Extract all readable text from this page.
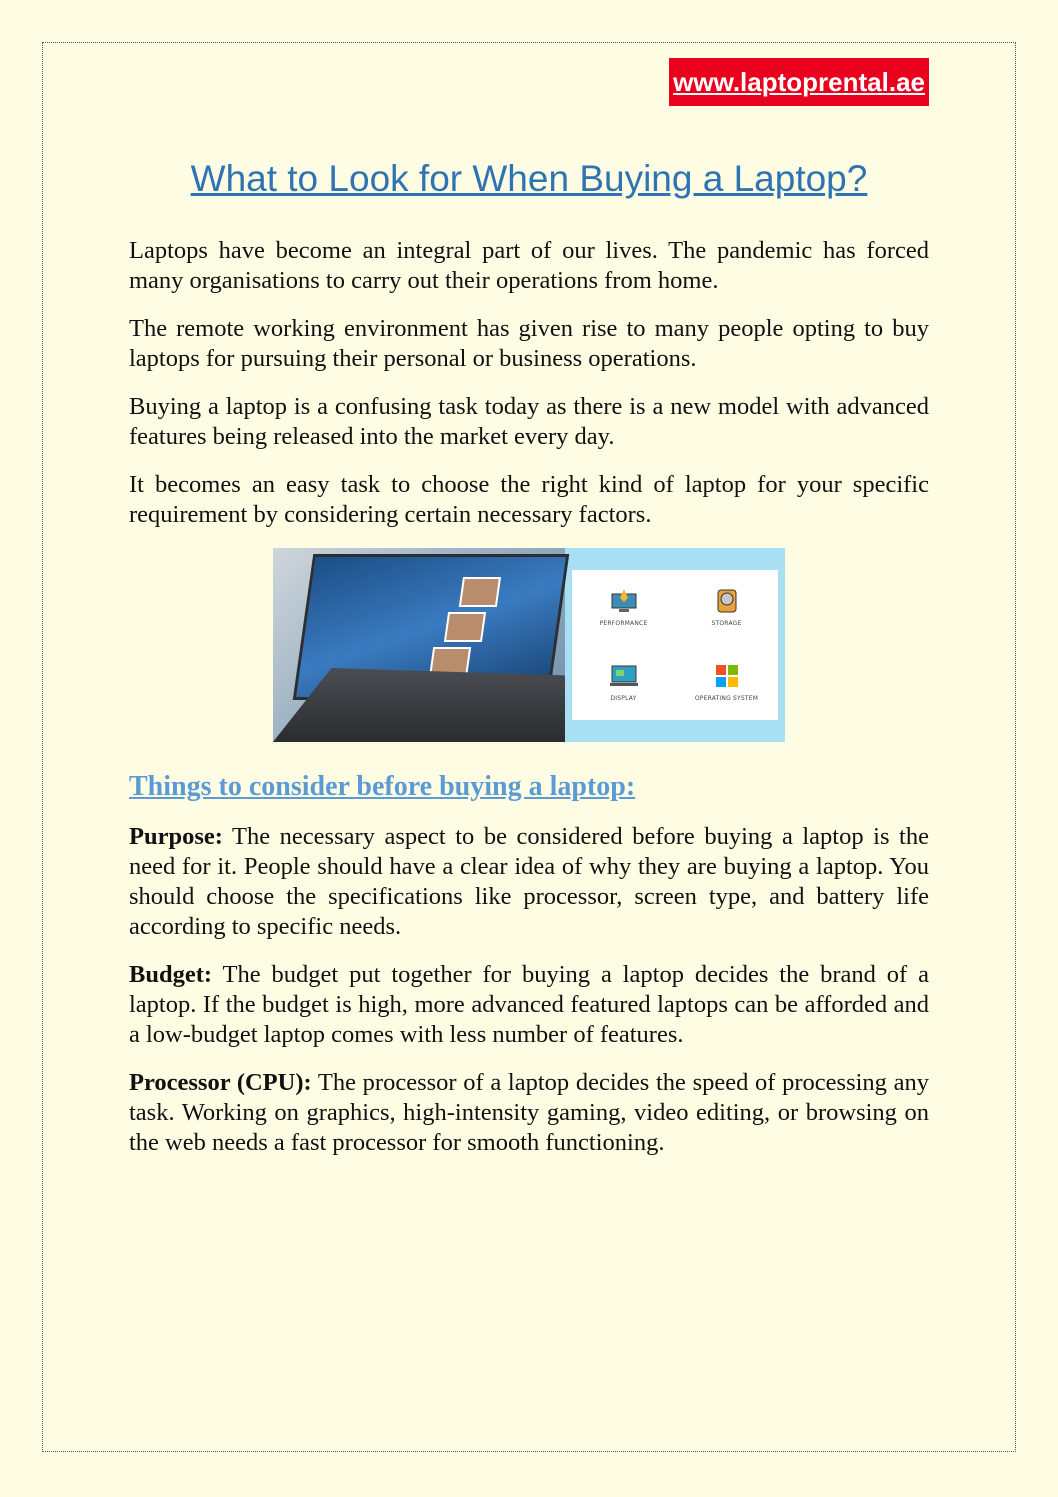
www.laptoprental.ae
What to Look for When Buying a Laptop?

Laptops have become an integral part of our lives. The pandemic has forced many organisations to carry out their operations from home.

The remote working environment has given rise to many people opting to buy laptops for pursuing their personal or business operations.

Buying a laptop is a confusing task today as there is a new model with advanced features being released into the market every day.

It becomes an easy task to choose the right kind of laptop for your specific requirement by considering certain necessary factors.

PERFORMANCE	STORAGE
DISPLAY	OPERATING SYSTEM
Things to consider before buying a laptop:

Purpose: The necessary aspect to be considered before buying a laptop is the need for it. People should have a clear idea of why they are buying a laptop. You should choose the specifications like processor, screen type, and battery life according to specific needs.

Budget: The budget put together for buying a laptop decides the brand of a laptop. If the budget is high, more advanced featured laptops can be afforded and a low-budget laptop comes with less number of features.

Processor (CPU): The processor of a laptop decides the speed of processing any task. Working on graphics, high-intensity gaming, video editing, or browsing on the web needs a fast processor for smooth functioning.
